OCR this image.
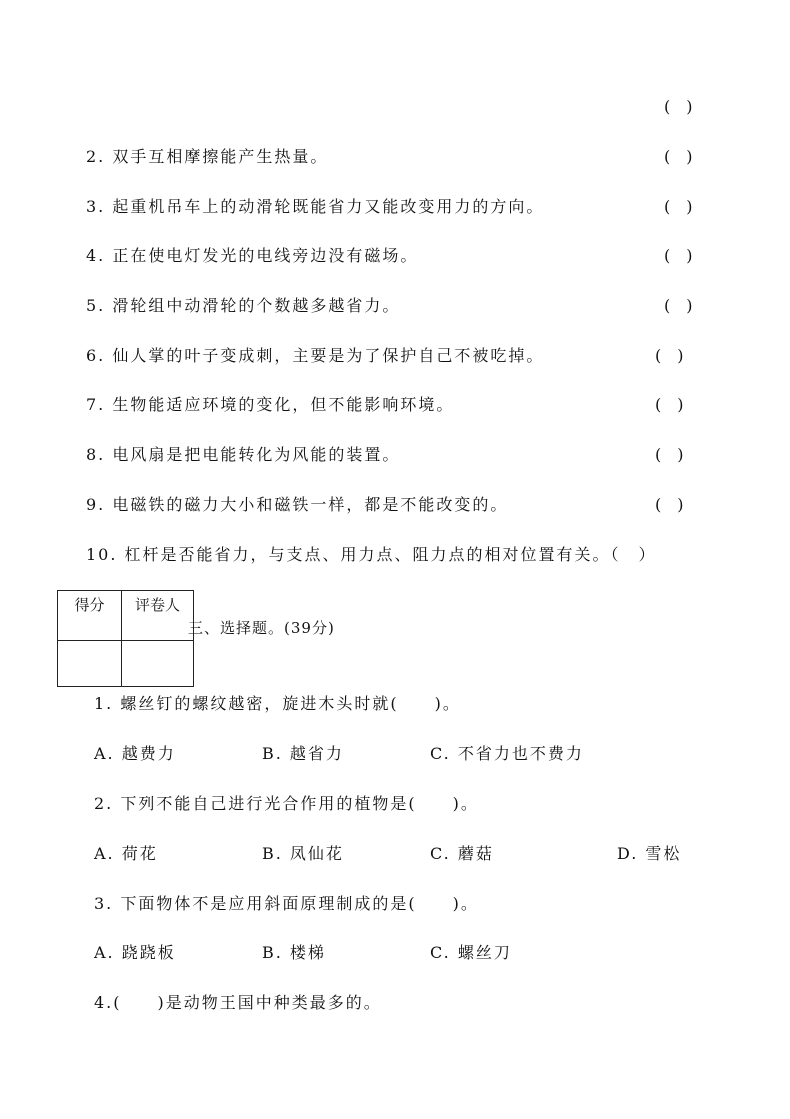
(　)
2. 双手互相摩擦能产生热量。	(　)
3. 起重机吊车上的动滑轮既能省力又能改变用力的方向。	(　)
4. 正在使电灯发光的电线旁边没有磁场。	(　)
5. 滑轮组中动滑轮的个数越多越省力。	(　)
6. 仙人掌的叶子变成刺，主要是为了保护自己不被吃掉。	(　)
7. 生物能适应环境的变化，但不能影响环境。	(　)
8. 电风扇是把电能转化为风能的装置。	(　)
9. 电磁铁的磁力大小和磁铁一样，都是不能改变的。	(　)
10. 杠杆是否能省力，与支点、用力点、阻力点的相对位置有关。（　）
得分	评卷人

三、选择题。(39分)
1. 螺丝钉的螺纹越密，旋进木头时就(　　)。
A. 越费力	B. 越省力	C. 不省力也不费力
2. 下列不能自己进行光合作用的植物是(　　)。
A. 荷花	B. 凤仙花	C. 蘑菇	D. 雪松
3. 下面物体不是应用斜面原理制成的是(　　)。
A. 跷跷板	B. 楼梯	C. 螺丝刀
4.(　　)是动物王国中种类最多的。
